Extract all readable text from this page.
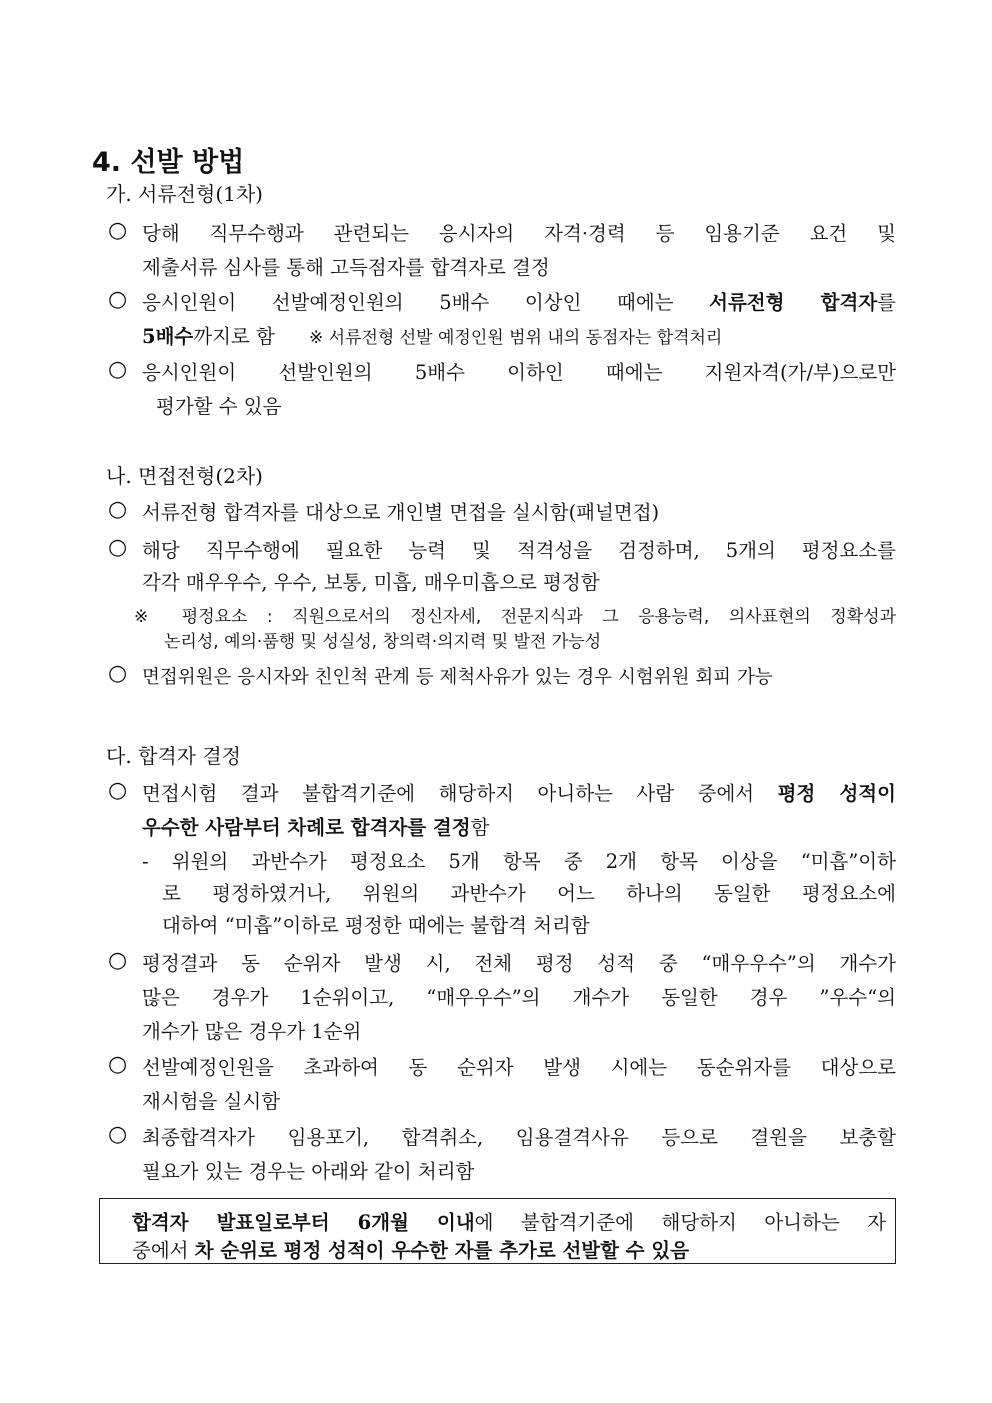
4. 선발 방법
가. 서류전형(1차)
○ 당해 직무수행과 관련되는 응시자의 자격·경력 등 임용기준 요건 및
제출서류 심사를 통해 고득점자를 합격자로 결정
○ 응시인원이 선발예정인원의 5배수 이상인 때에는 서류전형 합격자를
5배수까지로 함 ※ 서류전형 선발 예정인원 범위 내의 동점자는 합격처리
○ 응시인원이 선발인원의 5배수 이하인 때에는 지원자격(가/부)으로만
평가할 수 있음
나. 면접전형(2차)
○ 서류전형 합격자를 대상으로 개인별 면접을 실시함(패널면접)
○ 해당 직무수행에 필요한 능력 및 적격성을 검정하며, 5개의 평정요소를
각각 매우우수, 우수, 보통, 미흡, 매우미흡으로 평정함
※ 평정요소 : 직원으로서의 정신자세, 전문지식과 그 응용능력, 의사표현의 정확성과
논리성, 예의·품행 및 성실성, 창의력·의지력 및 발전 가능성
○ 면접위원은 응시자와 친인척 관계 등 제척사유가 있는 경우 시험위원 회피 가능
다. 합격자 결정
○ 면접시험 결과 불합격기준에 해당하지 아니하는 사람 중에서 평정 성적이
우수한 사람부터 차례로 합격자를 결정함
- 위원의 과반수가 평정요소 5개 항목 중 2개 항목 이상을 “미흡”이하
로 평정하였거나, 위원의 과반수가 어느 하나의 동일한 평정요소에
대하여 “미흡”이하로 평정한 때에는 불합격 처리함
○ 평정결과 동 순위자 발생 시, 전체 평정 성적 중 “매우우수”의 개수가
많은 경우가 1순위이고, “매우우수”의 개수가 동일한 경우 ”우수“의
개수가 많은 경우가 1순위
○ 선발예정인원을 초과하여 동 순위자 발생 시에는 동순위자를 대상으로
재시험을 실시함
○ 최종합격자가 임용포기, 합격취소, 임용결격사유 등으로 결원을 보충할
필요가 있는 경우는 아래와 같이 처리함
합격자 발표일로부터 6개월 이내에 불합격기준에 해당하지 아니하는 자
중에서 차 순위로 평정 성적이 우수한 자를 추가로 선발할 수 있음
